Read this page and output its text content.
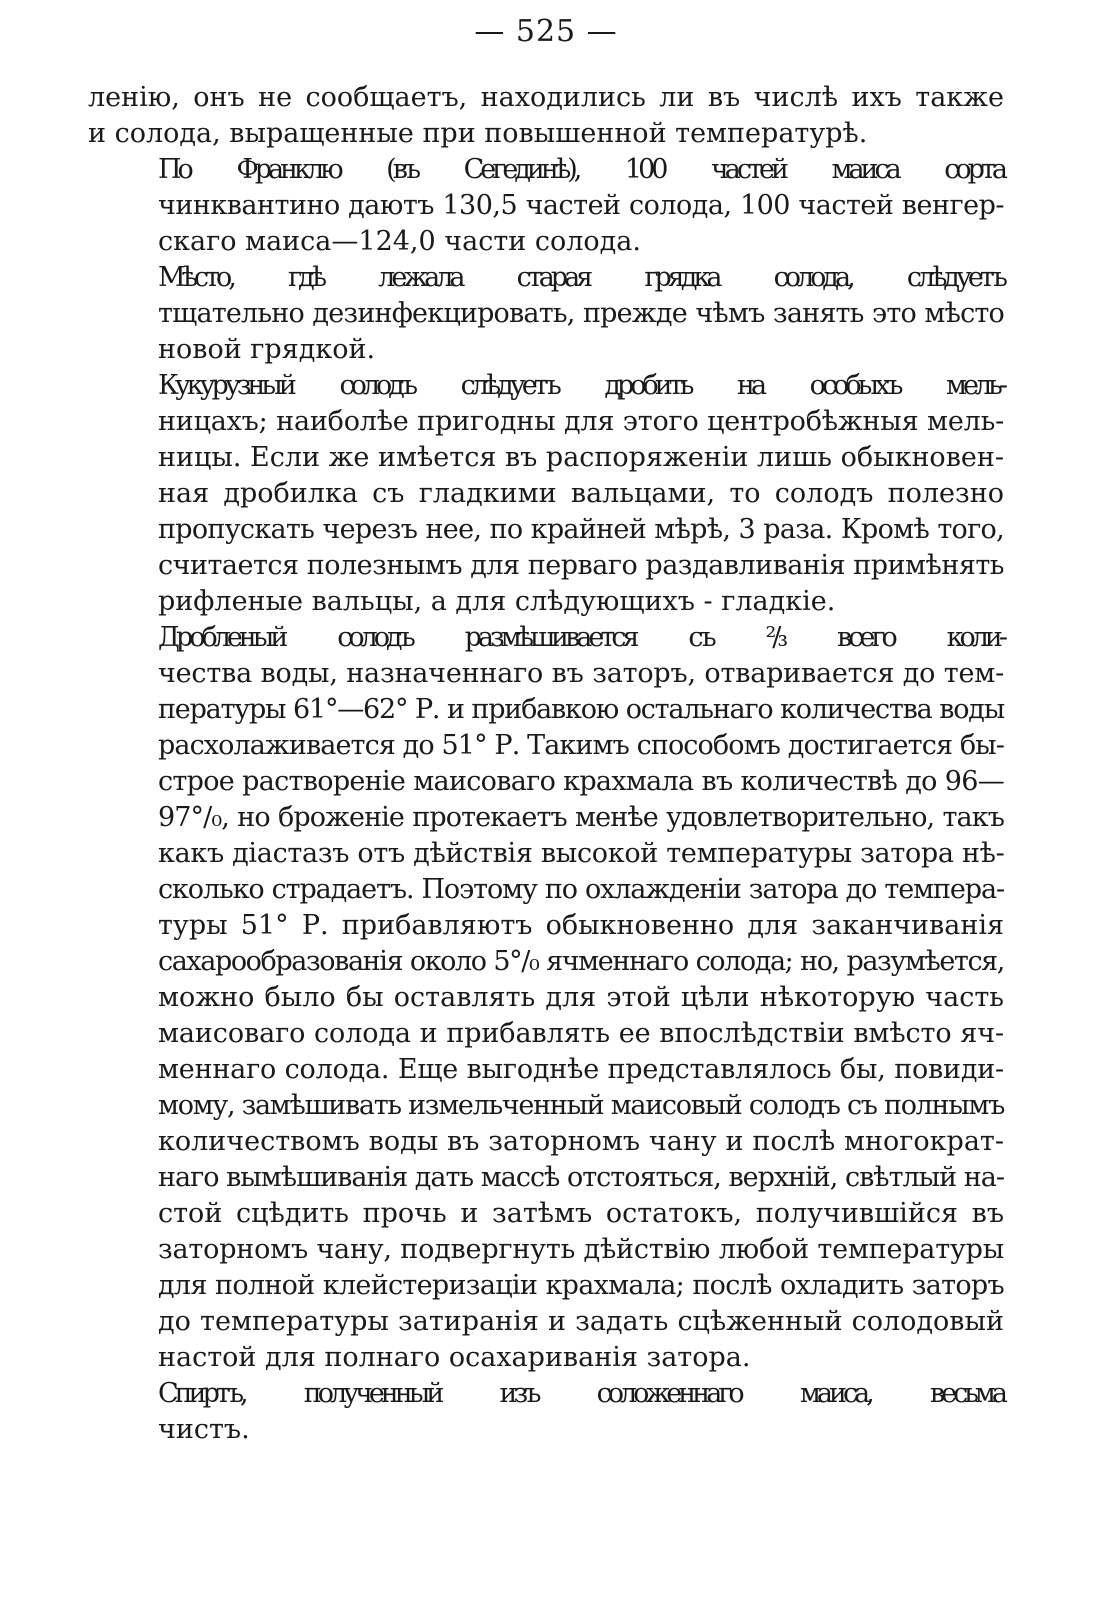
— 525 —

ленію, онъ не сообщаетъ, находились ли въ числѣ ихъ также
и солода, выращенные при повышенной температурѣ.

По Франклю (въ Сегединѣ), 100 частей маиса сорта
чинквантино даютъ 130,5 частей солода, 100 частей венгер-
скаго маиса—124,0 части солода.

Мѣсто, гдѣ лежала старая грядка солода, слѣдуетъ
тщательно дезинфекцировать, прежде чѣмъ занять это мѣсто
новой грядкой.

Кукурузный солодъ слѣдуетъ дробить на особыхъ мель-
ницахъ; наиболѣе пригодны для этого центробѣжныя мель-
ницы. Если же имѣется въ распоряженіи лишь обыкновен-
ная дробилка съ гладкими вальцами, то солодъ полезно
пропускать черезъ нее, по крайней мѣрѣ, 3 раза. Кромѣ того,
считается полезнымъ для перваго раздавливанія примѣнять
рифленые вальцы, а для слѣдующихъ - гладкіе.

Дробленый солодъ размѣшивается съ ²/₃ всего коли-
чества воды, назначеннаго въ заторъ, отваривается до тем-
пературы 61°—62° Р. и прибавкою остальнаго количества воды
расхолаживается до 51° Р. Такимъ способомъ достигается бы-
строе раствореніе маисоваго крахмала въ количествѣ до 96—
97°/₀, но броженіе протекаетъ менѣе удовлетворительно, такъ
какъ діастазъ отъ дѣйствія высокой температуры затора нѣ-
сколько страдаетъ. Поэтому по охлажденіи затора до темпера-
туры 51° Р. прибавляютъ обыкновенно для заканчиванія
сахарообразованія около 5°/₀ ячменнаго солода; но, разумѣется,
можно было бы оставлять для этой цѣли нѣкоторую часть
маисоваго солода и прибавлять ее впослѣдствіи вмѣсто яч-
меннаго солода. Еще выгоднѣе представлялось бы, повиди-
мому, замѣшивать измельченный маисовый солодъ съ полнымъ
количествомъ воды въ заторномъ чану и послѣ многократ-
наго вымѣшиванія дать массѣ отстояться, верхній, свѣтлый на-
стой сцѣдить прочь и затѣмъ остатокъ, получившійся въ
заторномъ чану, подвергнуть дѣйствію любой температуры
для полной клейстеризаціи крахмала; послѣ охладить заторъ
до температуры затиранія и задать сцѣженный солодовый
настой для полнаго осахариванія затора.

Спиртъ, полученный изъ соложеннаго маиса, весьма
чистъ.
